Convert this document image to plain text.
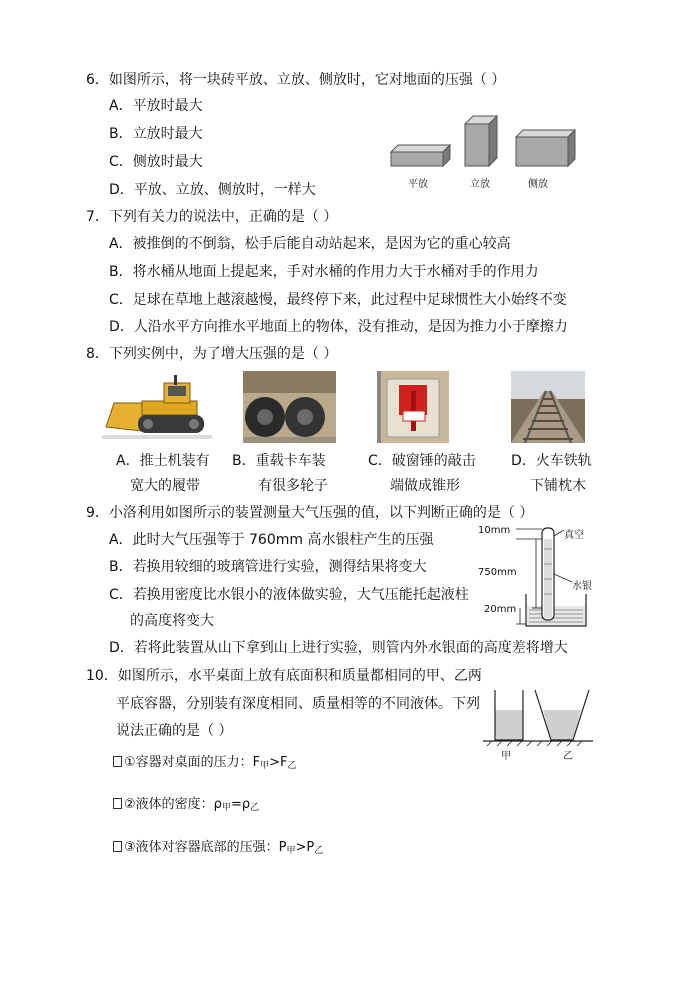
6．如图所示，将一块砖平放、立放、侧放时，它对地面的压强（ ）
A．平放时最大
B．立放时最大
C．侧放时最大
D．平放、立放、侧放时，一样大	平放	立放	侧放
7．下列有关力的说法中，正确的是（ ）
A．被推倒的不倒翁，松手后能自动站起来，是因为它的重心较高
B．将水桶从地面上提起来，手对水桶的作用力大于水桶对手的作用力
C．足球在草地上越滚越慢，最终停下来，此过程中足球惯性大小始终不变
D．人沿水平方向推水平地面上的物体，没有推动，是因为推力小于摩擦力
8．下列实例中，为了增大压强的是（ ）
A．推土机装有
宽大的履带
B．重载卡车装
有很多轮子
C．破窗锤的敲击
端做成锥形
D．火车铁轨
下铺枕木
9．小洛利用如图所示的装置测量大气压强的值，以下判断正确的是（ ）
A．此时大气压强等于 760mm 高水银柱产生的压强
B．若换用较细的玻璃管进行实验，测得结果将变大
C．若换用密度比水银小的液体做实验，大气压能托起液柱
的高度将变大
D．若将此装置从山下拿到山上进行实验，则管内外水银面的高度差将增大
10mm	真空
750mm
水银
20mm
10．如图所示，水平桌面上放有底面积和质量都相同的甲、乙两
平底容器，分别装有深度相同、质量相等的不同液体。下列
说法正确的是（ ）
甲	乙
①容器对桌面的压力：$F_甲>F_乙$
②液体的密度：$\rho_甲=\rho_乙$
③液体对容器底部的压强：$P_甲>P_乙$
